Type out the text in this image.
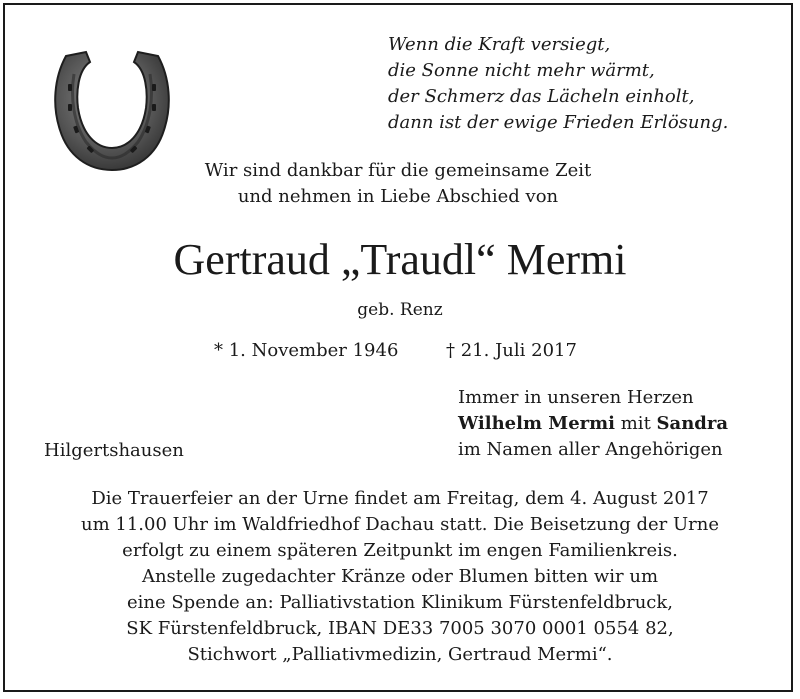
Wenn die Kraft versiegt,
die Sonne nicht mehr wärmt,
der Schmerz das Lächeln einholt,
dann ist der ewige Frieden Erlösung.
Wir sind dankbar für die gemeinsame Zeit
und nehmen in Liebe Abschied von
Gertraud „Traudl“ Mermi
geb. Renz
* 1. November 1946	† 21. Juli 2017
Hilgertshausen
Immer in unseren Herzen
Wilhelm Mermi mit Sandra
im Namen aller Angehörigen
Die Trauerfeier an der Urne findet am Freitag, dem 4. August 2017
um 11.00 Uhr im Waldfriedhof Dachau statt. Die Beisetzung der Urne
erfolgt zu einem späteren Zeitpunkt im engen Familienkreis.
Anstelle zugedachter Kränze oder Blumen bitten wir um
eine Spende an: Palliativstation Klinikum Fürstenfeldbruck,
SK Fürstenfeldbruck, IBAN DE33 7005 3070 0001 0554 82,
Stichwort „Palliativmedizin, Gertraud Mermi“.
